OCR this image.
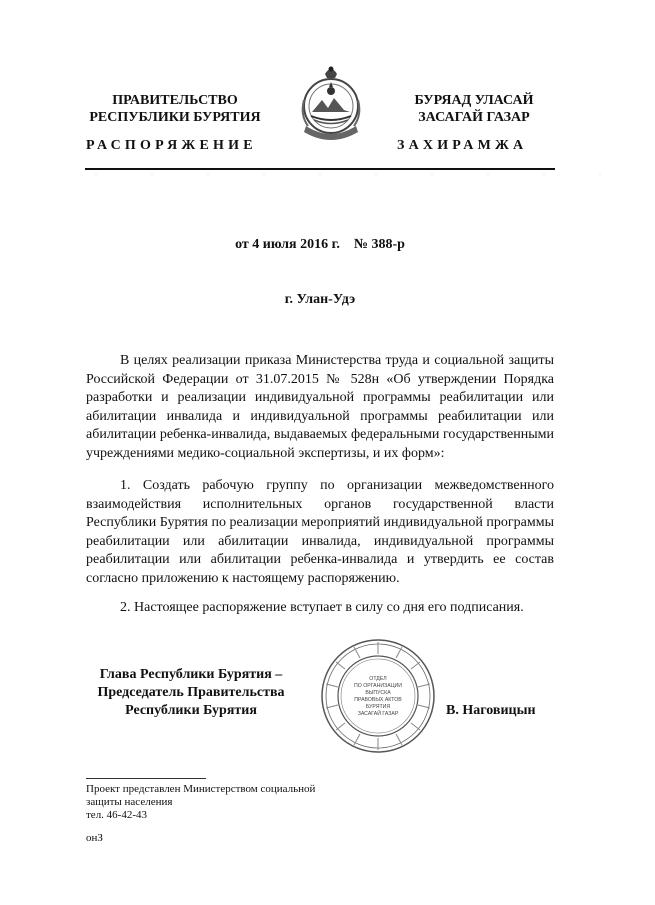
ПРАВИТЕЛЬСТВО
РЕСПУБЛИКИ БУРЯТИЯ
БУРЯАД УЛАСАЙ
ЗАСАГАЙ ГАЗАР
РАСПОРЯЖЕНИЕ	ЗАХИРАМЖА
··········
от 4 июля 2016 г.    № 388-р
г. Улан-Удэ
В целях реализации приказа Министерства труда и социальной защиты Российской Федерации от 31.07.2015 № 528н «Об утверждении Порядка разработки и реализации индивидуальной программы реабилитации или абилитации инвалида и индивидуальной программы реабилитации или абилитации ребенка-инвалида, выдаваемых федеральными государственными учреждениями медико-социальной экспертизы, и их форм»:
1. Создать рабочую группу по организации межведомственного взаимодействия исполнительных органов государственной власти Республики Бурятия по реализации мероприятий индивидуальной программы реабилитации или абилитации инвалида, индивидуальной программы реабилитации или абилитации ребенка-инвалида и утвердить ее состав согласно приложению к настоящему распоряжению.
2. Настоящее распоряжение вступает в силу со дня его подписания.
Глава Республики Бурятия –
Председатель Правительства
Республики Бурятия
ОТДЕЛ
ПО ОРГАНИЗАЦИИ
ВЫПУСКА
ПРАВОВЫХ АКТОВ
БУРЯТИЯ
ЗАСАГАЙ ГАЗАР	В. Наговицын
Проект представлен Министерством социальной
защиты населения
тел. 46-42-43
онЗ
